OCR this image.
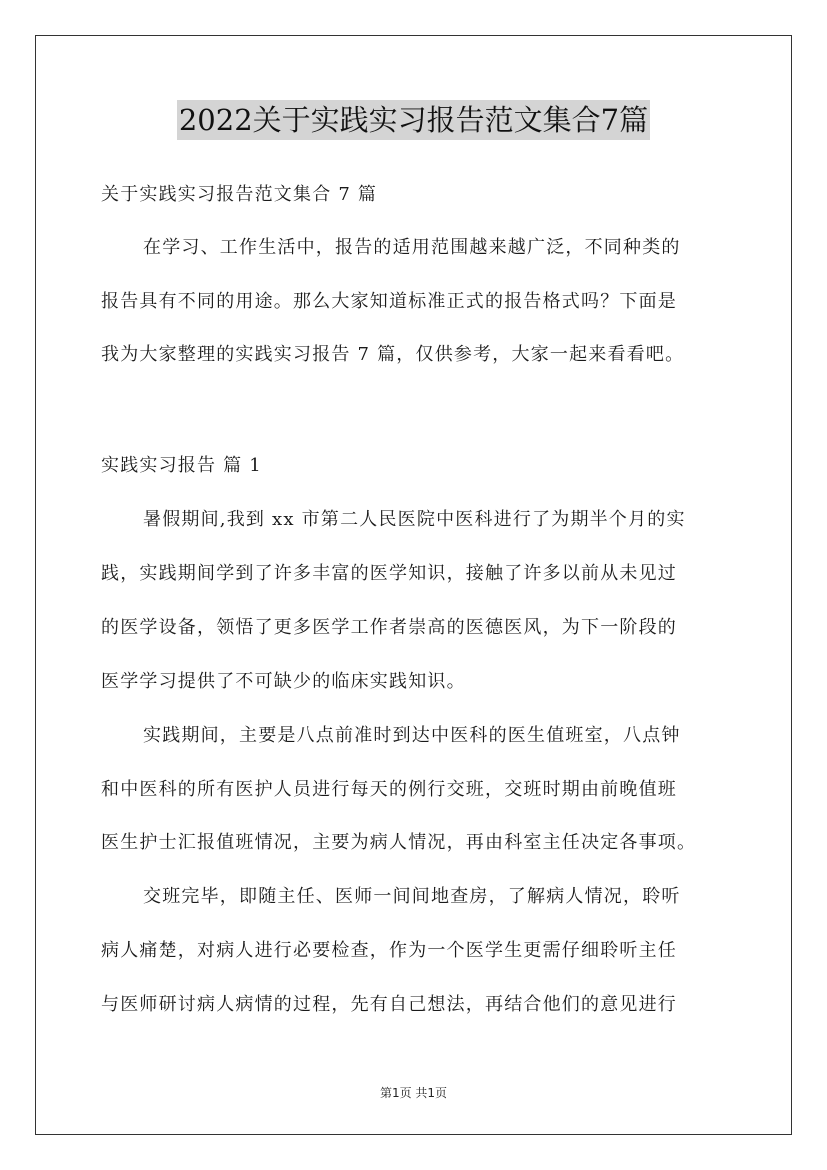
2022关于实践实习报告范文集合7篇
关于实践实习报告范文集合 7 篇
在学习、工作生活中，报告的适用范围越来越广泛，不同种类的
报告具有不同的用途。那么大家知道标准正式的报告格式吗？下面是
我为大家整理的实践实习报告 7 篇，仅供参考，大家一起来看看吧。
实践实习报告 篇 1
暑假期间,我到 xx 市第二人民医院中医科进行了为期半个月的实
践，实践期间学到了许多丰富的医学知识，接触了许多以前从未见过
的医学设备，领悟了更多医学工作者崇高的医德医风，为下一阶段的
医学学习提供了不可缺少的临床实践知识。
实践期间，主要是八点前准时到达中医科的医生值班室，八点钟
和中医科的所有医护人员进行每天的例行交班，交班时期由前晚值班
医生护士汇报值班情况，主要为病人情况，再由科室主任决定各事项。
交班完毕，即随主任、医师一间间地查房，了解病人情况，聆听
病人痛楚，对病人进行必要检查，作为一个医学生更需仔细聆听主任
与医师研讨病人病情的过程，先有自己想法，再结合他们的意见进行
第1页 共1页
